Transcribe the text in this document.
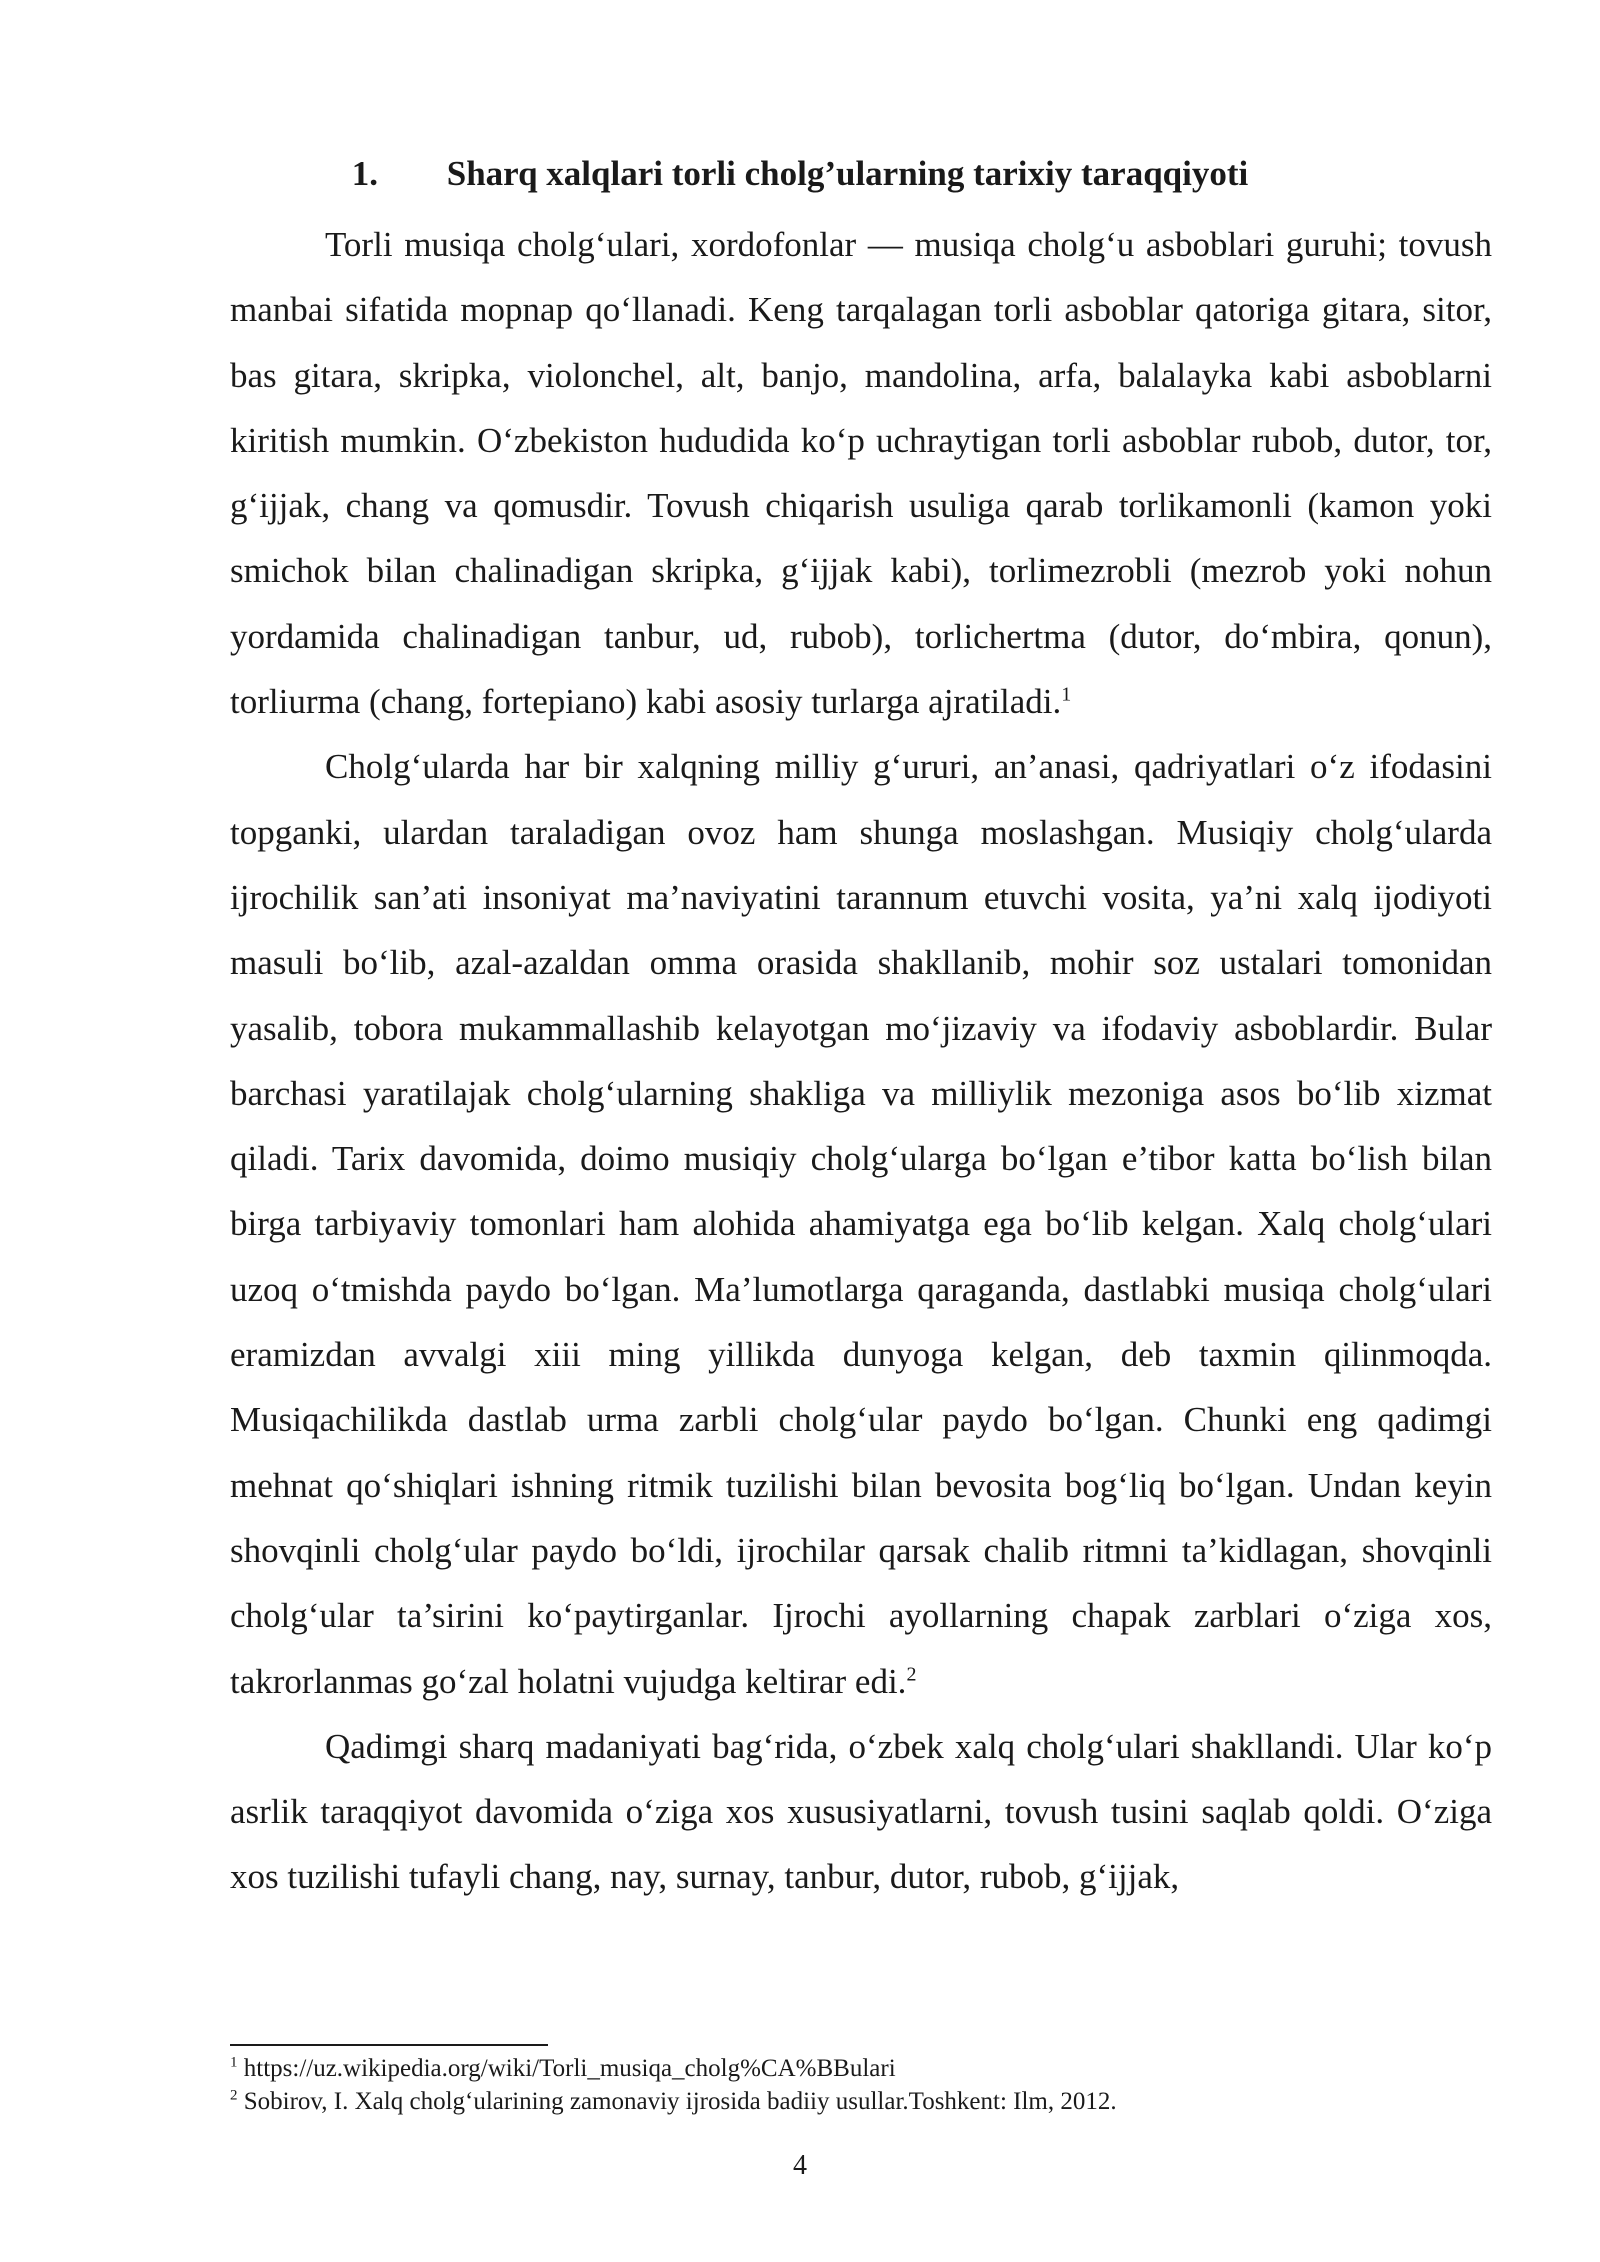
1. Sharq xalqlari torli cholg’ularning tarixiy taraqqiyoti

Torli musiqa cholg‘ulari, xordofonlar — musiqa cholg‘u asboblari guruhi; tovush manbai sifatida mopnap qo‘llanadi. Keng tarqalagan torli asboblar qatoriga gitara, sitor, bas gitara, skripka, violonchel, alt, banjo, mandolina, arfa, balalayka kabi asboblarni kiritish mumkin. O‘zbekiston hududida ko‘p uchraytigan torli asboblar rubob, dutor, tor, g‘ijjak, chang va qomusdir. Tovush chiqarish usuliga qarab torlikamonli (kamon yoki smichok bilan chalinadigan skripka, g‘ijjak kabi), torlimezrobli (mezrob yoki nohun yordamida chalinadigan tanbur, ud, rubob), torlichertma (dutor, do‘mbira, qonun), torliurma (chang, fortepiano) kabi asosiy turlarga ajratiladi.$^1$

Cholg‘ularda har bir xalqning milliy g‘ururi, an’anasi, qadriyatlari o‘z ifodasini topganki, ulardan taraladigan ovoz ham shunga moslashgan. Musiqiy cholg‘ularda ijrochilik san’ati insoniyat ma’naviyatini tarannum etuvchi vosita, ya’ni xalq ijodiyoti masuli bo‘lib, azal-azaldan omma orasida shakllanib, mohir soz ustalari tomonidan yasalib, tobora mukammallashib kelayotgan mo‘jizaviy va ifodaviy asboblardir. Bular barchasi yaratilajak cholg‘ularning shakliga va milliylik mezoniga asos bo‘lib xizmat qiladi. Tarix davomida, doimo musiqiy cholg‘ularga bo‘lgan e’tibor katta bo‘lish bilan birga tarbiyaviy tomonlari ham alohida ahamiyatga ega bo‘lib kelgan. Xalq cholg‘ulari uzoq o‘tmishda paydo bo‘lgan. Ma’lumotlarga qaraganda, dastlabki musiqa cholg‘ulari eramizdan avvalgi xiii ming yillikda dunyoga kelgan, deb taxmin qilinmoqda. Musiqachilikda dastlab urma zarbli cholg‘ular paydo bo‘lgan. Chunki eng qadimgi mehnat qo‘shiqlari ishning ritmik tuzilishi bilan bevosita bog‘liq bo‘lgan. Undan keyin shovqinli cholg‘ular paydo bo‘ldi, ijrochilar qarsak chalib ritmni ta’kidlagan, shovqinli cholg‘ular ta’sirini ko‘paytirganlar. Ijrochi ayollarning chapak zarblari o‘ziga xos, takrorlanmas go‘zal holatni vujudga keltirar edi.$^2$

Qadimgi sharq madaniyati bag‘rida, o‘zbek xalq cholg‘ulari shakllandi. Ular ko‘p asrlik taraqqiyot davomida o‘ziga xos xususiyatlarni, tovush tusini saqlab qoldi. O‘ziga xos tuzilishi tufayli chang, nay, surnay, tanbur, dutor, rubob, g‘ijjak,

$^1$ https://uz.wikipedia.org/wiki/Torli_musiqa_cholg%CA%BBulari

$^2$ Sobirov, I. Xalq cholg‘ularining zamonaviy ijrosida badiiy usullar.Toshkent: Ilm, 2012.

4
